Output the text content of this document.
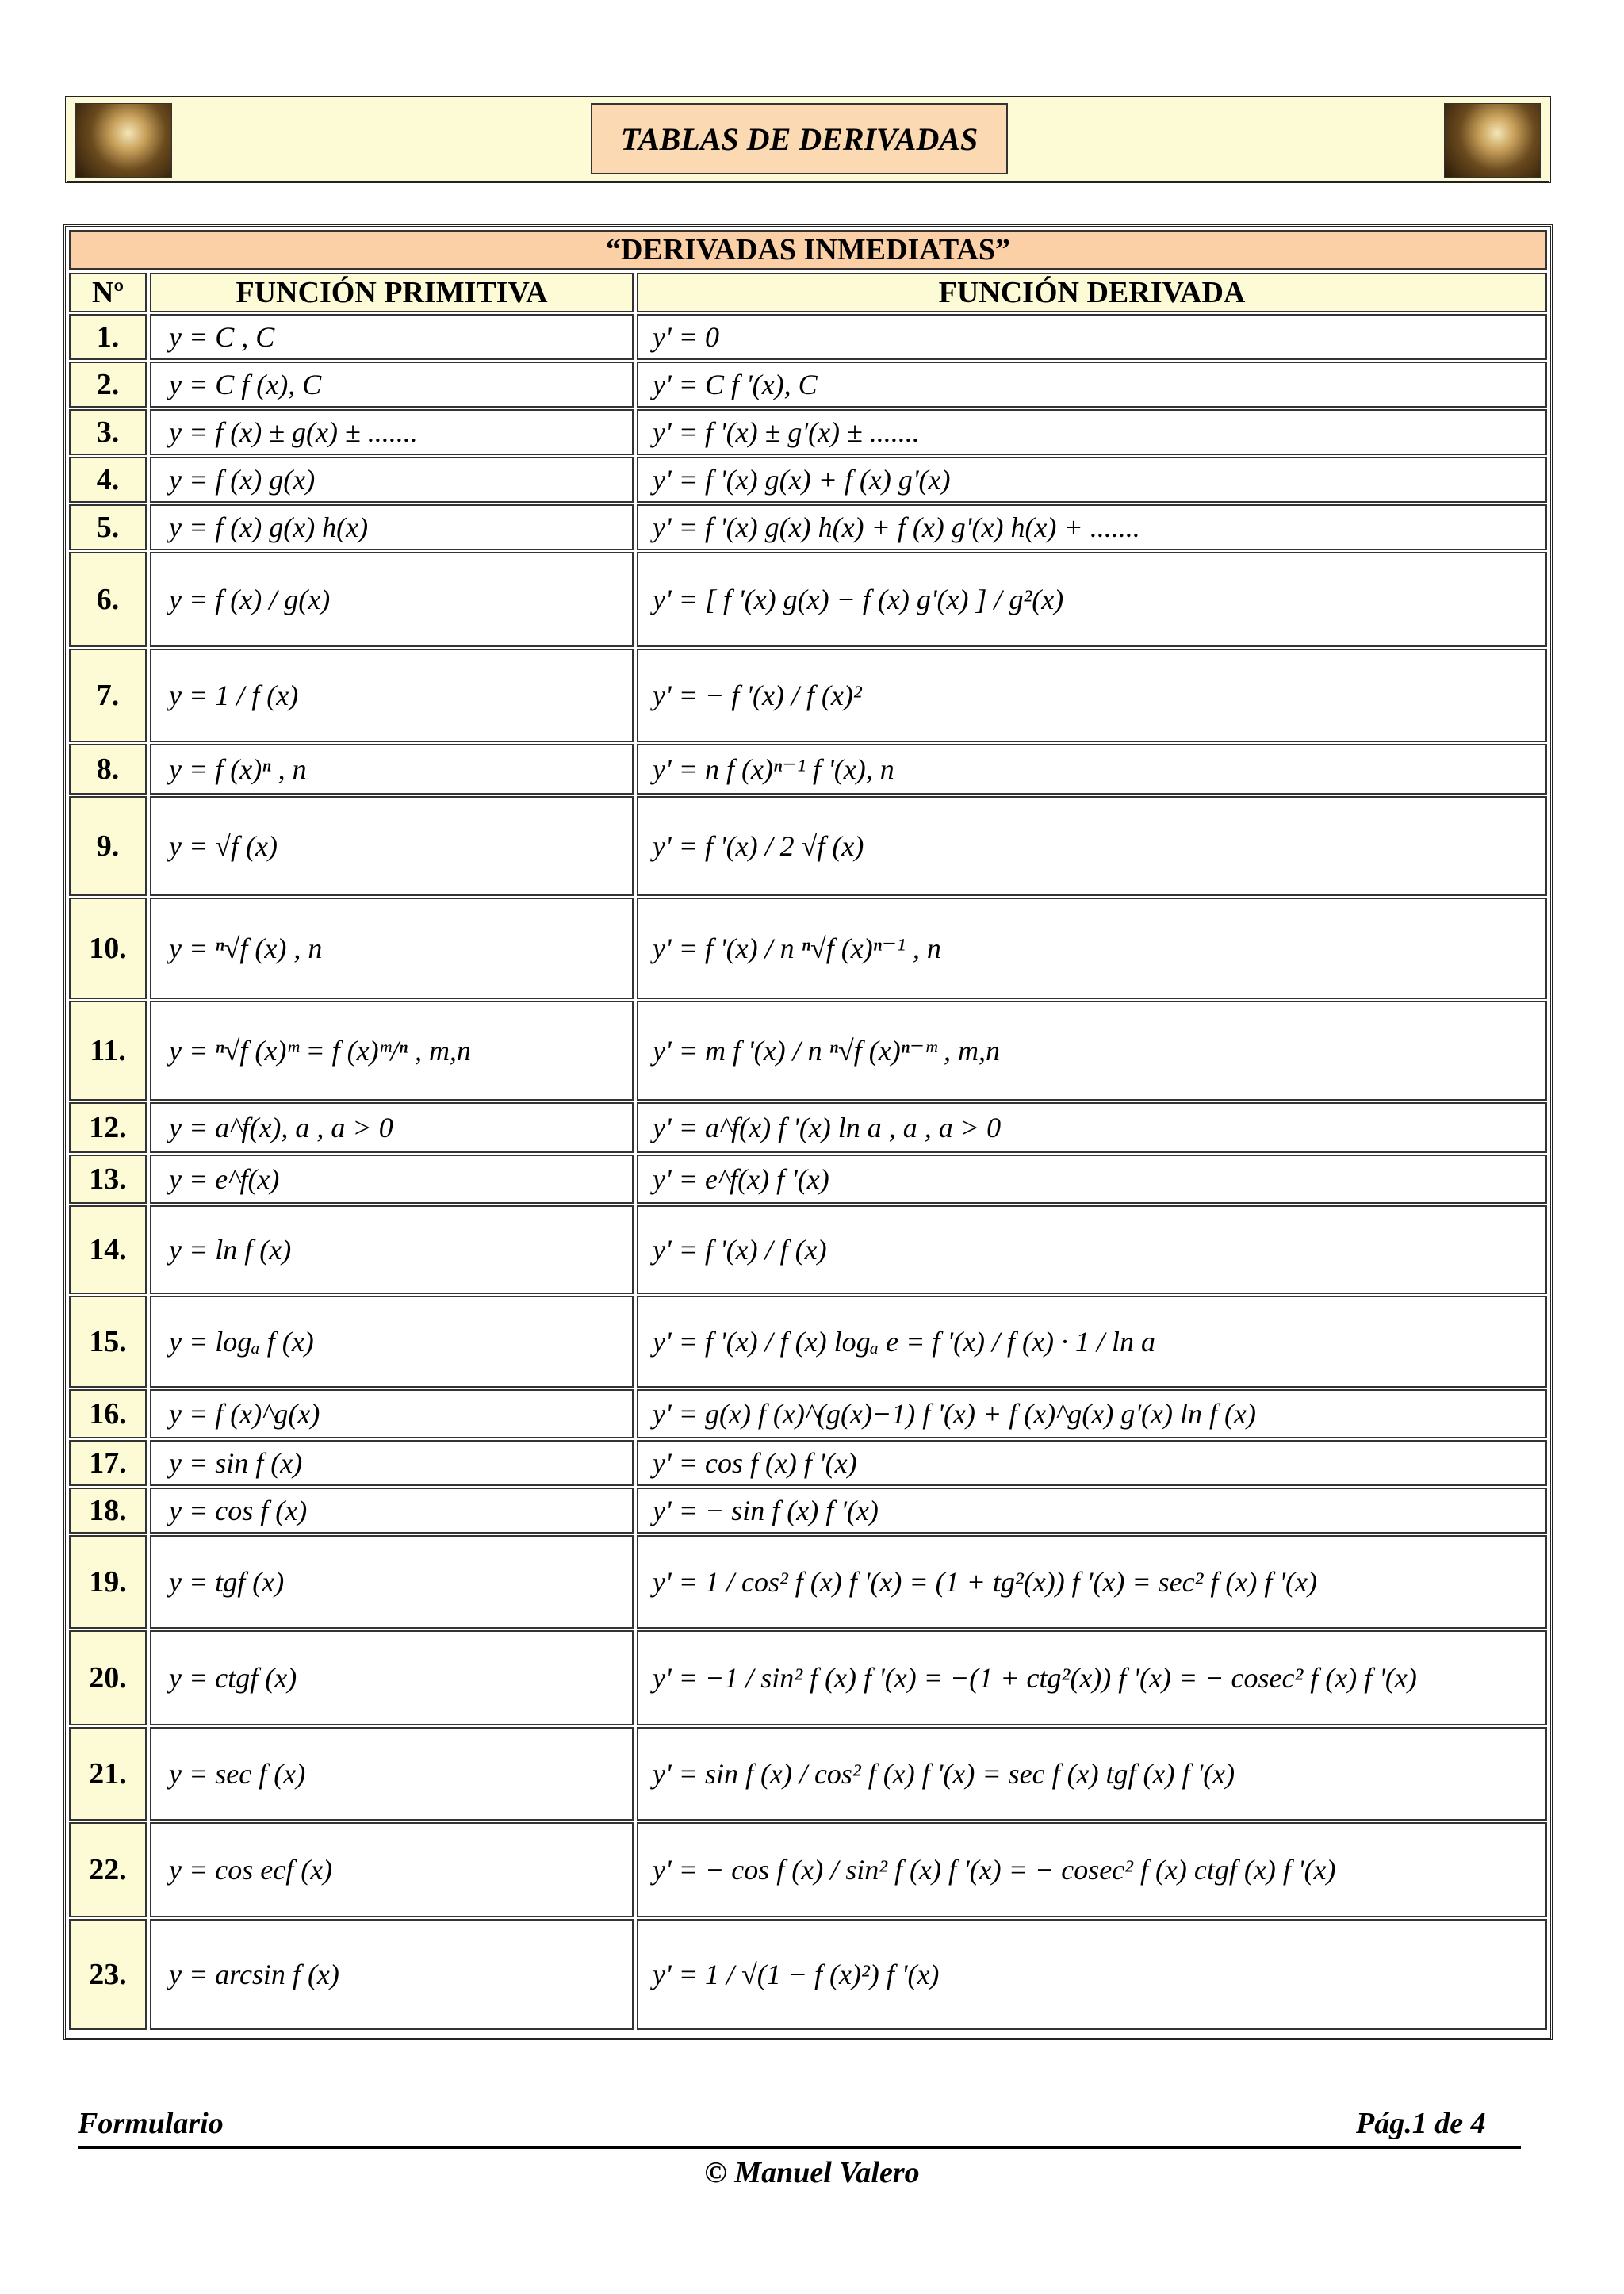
TABLAS DE DERIVADAS
“DERIVADAS INMEDIATAS”
Nº	FUNCIÓN PRIMITIVA	FUNCIÓN DERIVADA
1.	y = C , C	y' = 0
2.	y = C f (x), C	y' = C f '(x), C
3.	y = f (x) ± g(x) ± .......	y' = f '(x) ± g'(x) ± .......
4.	y = f (x) g(x)	y' = f '(x) g(x) + f (x) g'(x)
5.	y = f (x) g(x) h(x)	y' = f '(x) g(x) h(x) + f (x) g'(x) h(x) + .......
6.	y = f (x) / g(x)	y' = [ f '(x) g(x) − f (x) g'(x) ] / g²(x)
7.	y = 1 / f (x)	y' = − f '(x) / f (x)²
8.	y = f (x)ⁿ , n	y' = n f (x)ⁿ⁻¹ f '(x), n
9.	y = √f (x)	y' = f '(x) / 2 √f (x)
10.	y = ⁿ√f (x) , n	y' = f '(x) / n ⁿ√f (x)ⁿ⁻¹ , n
11.	y = ⁿ√f (x)ᵐ = f (x)ᵐ/ⁿ , m,n	y' = m f '(x) / n ⁿ√f (x)ⁿ⁻ᵐ , m,n
12.	y = a^f(x), a , a > 0	y' = a^f(x) f '(x) ln a , a , a > 0
13.	y = e^f(x)	y' = e^f(x) f '(x)
14.	y = ln f (x)	y' = f '(x) / f (x)
15.	y = logₐ f (x)	y' = f '(x) / f (x) logₐ e = f '(x) / f (x) · 1 / ln a
16.	y = f (x)^g(x)	y' = g(x) f (x)^(g(x)−1) f '(x) + f (x)^g(x) g'(x) ln f (x)
17.	y = sin f (x)	y' = cos f (x) f '(x)
18.	y = cos f (x)	y' = − sin f (x) f '(x)
19.	y = tgf (x)	y' = 1 / cos² f (x) f '(x) = (1 + tg²(x)) f '(x) = sec² f (x) f '(x)
20.	y = ctgf (x)	y' = −1 / sin² f (x) f '(x) = −(1 + ctg²(x)) f '(x) = − cosec² f (x) f '(x)
21.	y = sec f (x)	y' = sin f (x) / cos² f (x) f '(x) = sec f (x) tgf (x) f '(x)
22.	y = cos ecf (x)	y' = − cos f (x) / sin² f (x) f '(x) = − cosec² f (x) ctgf (x) f '(x)
23.	y = arcsin f (x)	y' = 1 / √(1 − f (x)²) f '(x)
Formulario	Pág.1 de 4
© Manuel Valero
